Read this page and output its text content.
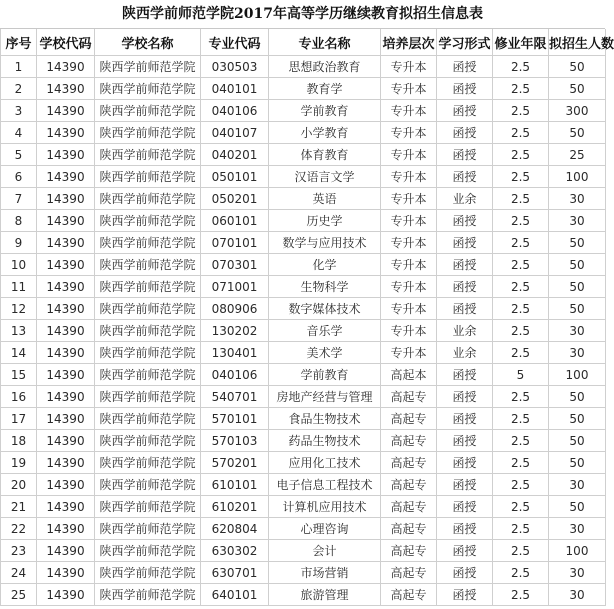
陕西学前师范学院2017年高等学历继续教育拟招生信息表
序号	学校代码	学校名称	专业代码	专业名称	培养层次	学习形式	修业年限	拟招生人数
1	14390	陕西学前师范学院	030503	思想政治教育	专升本	函授	2.5	50
2	14390	陕西学前师范学院	040101	教育学	专升本	函授	2.5	50
3	14390	陕西学前师范学院	040106	学前教育	专升本	函授	2.5	300
4	14390	陕西学前师范学院	040107	小学教育	专升本	函授	2.5	50
5	14390	陕西学前师范学院	040201	体育教育	专升本	函授	2.5	25
6	14390	陕西学前师范学院	050101	汉语言文学	专升本	函授	2.5	100
7	14390	陕西学前师范学院	050201	英语	专升本	业余	2.5	30
8	14390	陕西学前师范学院	060101	历史学	专升本	函授	2.5	30
9	14390	陕西学前师范学院	070101	数学与应用技术	专升本	函授	2.5	50
10	14390	陕西学前师范学院	070301	化学	专升本	函授	2.5	50
11	14390	陕西学前师范学院	071001	生物科学	专升本	函授	2.5	50
12	14390	陕西学前师范学院	080906	数字媒体技术	专升本	函授	2.5	50
13	14390	陕西学前师范学院	130202	音乐学	专升本	业余	2.5	30
14	14390	陕西学前师范学院	130401	美术学	专升本	业余	2.5	30
15	14390	陕西学前师范学院	040106	学前教育	高起本	函授	5	100
16	14390	陕西学前师范学院	540701	房地产经营与管理	高起专	函授	2.5	50
17	14390	陕西学前师范学院	570101	食品生物技术	高起专	函授	2.5	50
18	14390	陕西学前师范学院	570103	药品生物技术	高起专	函授	2.5	50
19	14390	陕西学前师范学院	570201	应用化工技术	高起专	函授	2.5	50
20	14390	陕西学前师范学院	610101	电子信息工程技术	高起专	函授	2.5	30
21	14390	陕西学前师范学院	610201	计算机应用技术	高起专	函授	2.5	50
22	14390	陕西学前师范学院	620804	心理咨询	高起专	函授	2.5	30
23	14390	陕西学前师范学院	630302	会计	高起专	函授	2.5	100
24	14390	陕西学前师范学院	630701	市场营销	高起专	函授	2.5	30
25	14390	陕西学前师范学院	640101	旅游管理	高起专	函授	2.5	30
